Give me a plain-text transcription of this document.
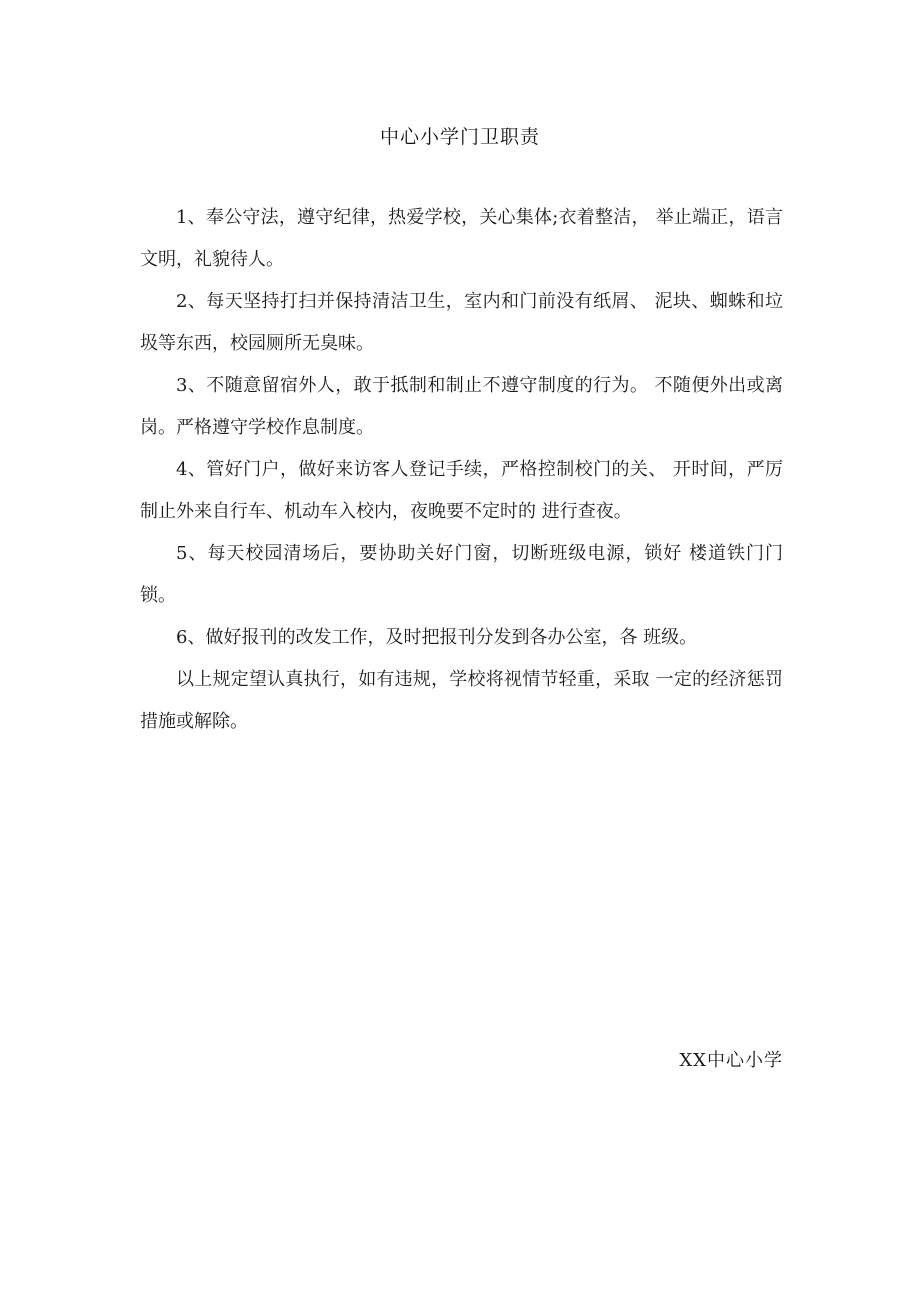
中心小学门卫职责

1、奉公守法，遵守纪律，热爱学校，关心集体;衣着整洁， 举止端正，语言文明，礼貌待人。

2、每天坚持打扫并保持清洁卫生，室内和门前没有纸屑、 泥块、蜘蛛和垃圾等东西，校园厕所无臭味。

3、不随意留宿外人，敢于抵制和制止不遵守制度的行为。 不随便外出或离岗。严格遵守学校作息制度。

4、管好门户，做好来访客人登记手续，严格控制校门的关、 开时间，严厉制止外来自行车、机动车入校内，夜晚要不定时的 进行查夜。

5、每天校园清场后，要协助关好门窗，切断班级电源，锁好 楼道铁门门锁。

6、做好报刊的改发工作，及时把报刊分发到各办公室，各 班级。

以上规定望认真执行，如有违规，学校将视情节轻重，采取 一定的经济惩罚措施或解除。

XX中心小学
